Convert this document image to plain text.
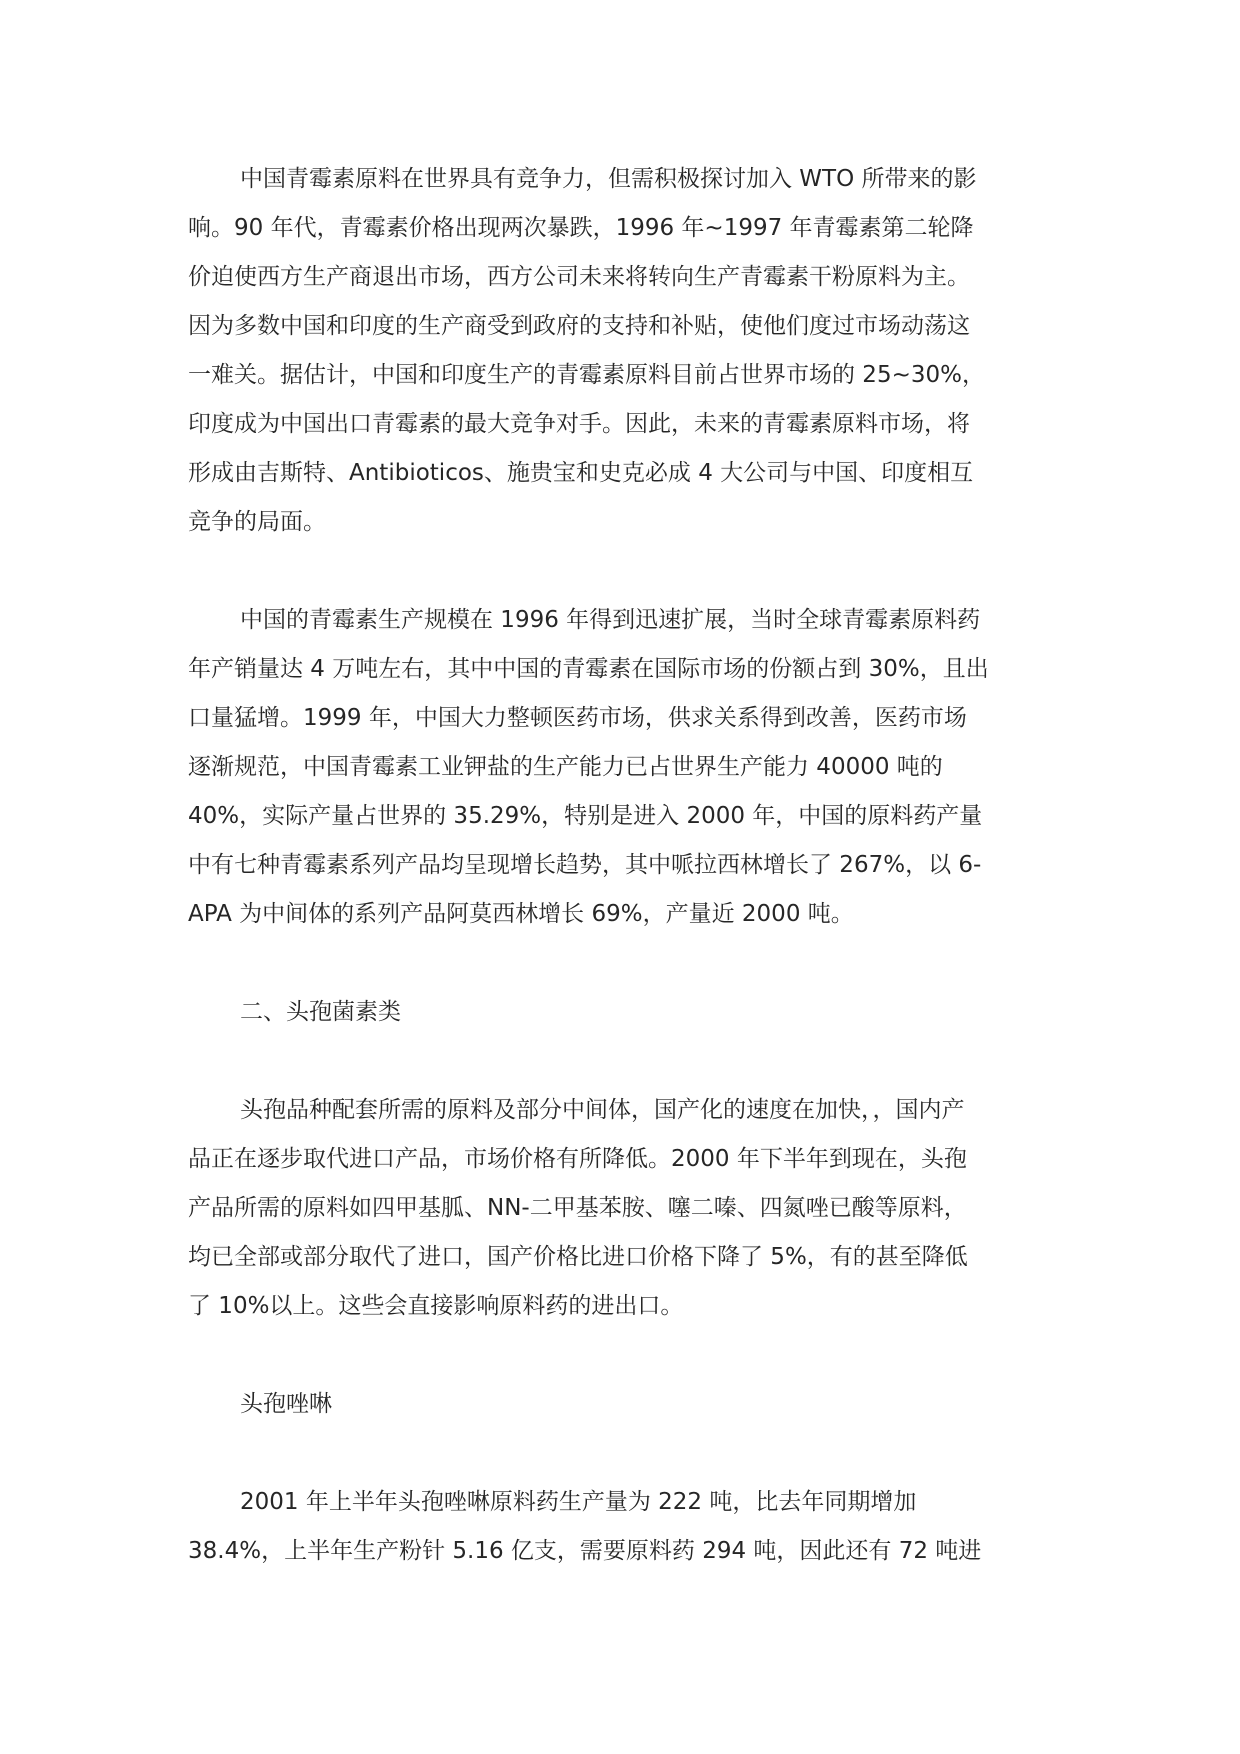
中国青霉素原料在世界具有竞争力，但需积极探讨加入 WTO 所带来的影
响。90 年代，青霉素价格出现两次暴跌，1996 年~1997 年青霉素第二轮降
价迫使西方生产商退出市场，西方公司未来将转向生产青霉素干粉原料为主。
因为多数中国和印度的生产商受到政府的支持和补贴，使他们度过市场动荡这
一难关。据估计，中国和印度生产的青霉素原料目前占世界市场的 25~30%，
印度成为中国出口青霉素的最大竞争对手。因此，未来的青霉素原料市场，将
形成由吉斯特、Antibioticos、施贵宝和史克必成 4 大公司与中国、印度相互
竞争的局面。
中国的青霉素生产规模在 1996 年得到迅速扩展，当时全球青霉素原料药
年产销量达 4 万吨左右，其中中国的青霉素在国际市场的份额占到 30%，且出
口量猛增。1999 年，中国大力整顿医药市场，供求关系得到改善，医药市场
逐渐规范，中国青霉素工业钾盐的生产能力已占世界生产能力 40000 吨的
40%，实际产量占世界的 35.29%，特别是进入 2000 年，中国的原料药产量
中有七种青霉素系列产品均呈现增长趋势，其中哌拉西林增长了 267%，以 6-
APA 为中间体的系列产品阿莫西林增长 69%，产量近 2000 吨。
二、头孢菌素类
头孢品种配套所需的原料及部分中间体，国产化的速度在加快，，国内产
品正在逐步取代进口产品，市场价格有所降低。2000 年下半年到现在，头孢
产品所需的原料如四甲基胍、NN-二甲基苯胺、噻二嗪、四氮唑已酸等原料，
均已全部或部分取代了进口，国产价格比进口价格下降了 5%，有的甚至降低
了 10%以上。这些会直接影响原料药的进出口。
头孢唑啉
2001 年上半年头孢唑啉原料药生产量为 222 吨，比去年同期增加
38.4%，上半年生产粉针 5.16 亿支，需要原料药 294 吨，因此还有 72 吨进
